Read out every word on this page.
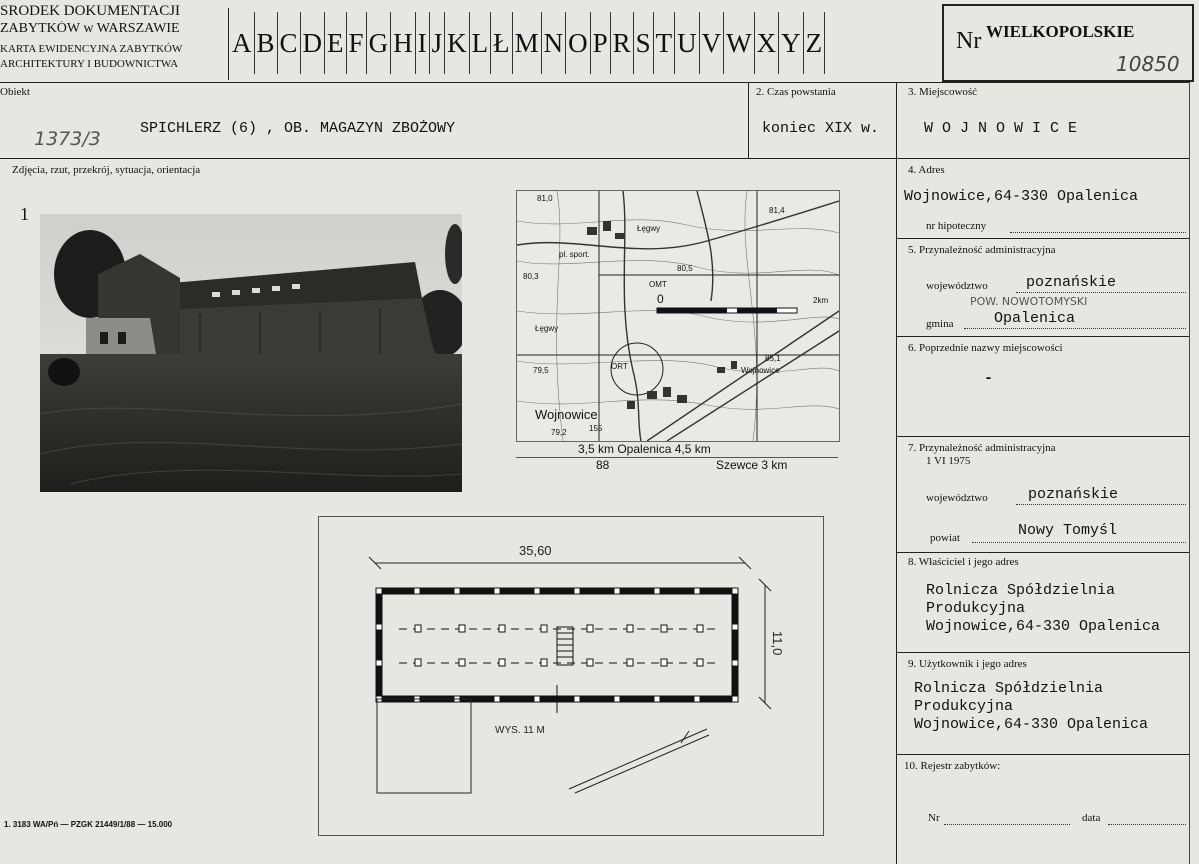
ŚRODEK DOKUMENTACJI
ZABYTKÓW w WARSZAWIE
KARTA EWIDENCYJNA ZABYTKÓW
ARCHITEKTURY I BUDOWNICTWA
A B C D E F G H I J K L Ł M N O P R S T U V W X Y Z	Nr WIELKOPOLSKIE
10850
Obiekt
1373/3	SPICHLERZ (6) , OB. MAGAZYN ZBOŻOWY
2. Czas powstania
koniec XIX w.
3. Miejscowość
W O J N O W I C E
Zdjęcia, rzut, przekrój, sytuacja, orientacja
1
81,0
81,4
Łęgwy
pl. sport.
80,5
80,3
OMT
0	2km
85,1
Wojnowice
Wojnowice
155
79,2
79,5	ORT
Łęgwy
3,5 km Opalenica 4,5 km
88	Szewce 3 km
35,60
11,0
WYS. 11 M
1. 3183 WA/Pń — PZGK 21449/1/88 — 15.000
4. Adres
Wojnowice,64-330 Opalenica
nr hipoteczny
5. Przynależność administracyjna
województwo	poznańskie
POW. NOWOTOMYSKI
gmina	Opalenica
6. Poprzednie nazwy miejscowości
-
7. Przynależność administracyjna
1 VI 1975
województwo	poznańskie
powiat	Nowy Tomyśl
8. Właściciel i jego adres
Rolnicza Spółdzielnia
Produkcyjna
Wojnowice,64-330 Opalenica
9. Użytkownik i jego adres
Rolnicza Spółdzielnia
Produkcyjna
Wojnowice,64-330 Opalenica
10. Rejestr zabytków:
Nr	data
